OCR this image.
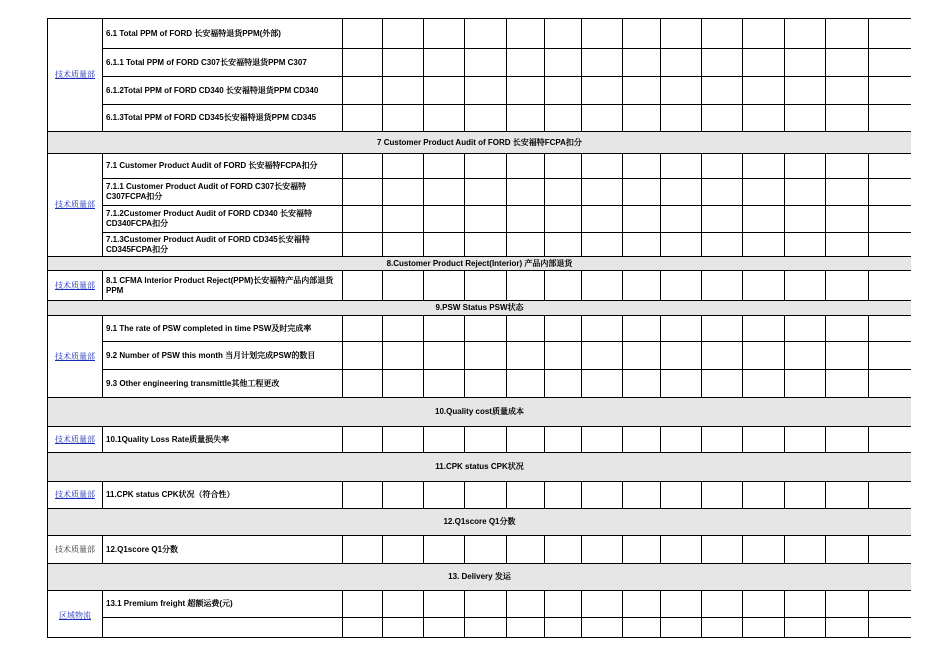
技术质量部	6.1 Total PPM of FORD 长安福特退货PPM(外部)														
	6.1.1 Total PPM of FORD C307长安福特退货PPM C307														
	6.1.2Total PPM of FORD CD340 长安福特退货PPM CD340														
	6.1.3Total PPM of FORD CD345长安福特退货PPM CD345														
7 Customer Product Audit of FORD 长安福特FCPA扣分															
技术质量部	7.1 Customer Product Audit of FORD 长安福特FCPA扣分														
	7.1.1 Customer Product Audit of FORD C307长安福特C307FCPA扣分														
	7.1.2Customer Product Audit of FORD CD340 长安福特CD340FCPA扣分														
	7.1.3Customer Product Audit of FORD CD345长安福特CD345FCPA扣分														
8.Customer Product Reject(Interior) 产品内部退货															
技术质量部	8.1 CFMA Interior Product Reject(PPM)长安福特产品内部退货PPM														
9.PSW Status PSW状态															
技术质量部	9.1 The rate of PSW completed in time PSW及时完成率														
	9.2 Number of PSW this month 当月计划完成PSW的数目														
	9.3 Other engineering transmittle其他工程更改														
10.Quality cost质量成本															
技术质量部	10.1Quality Loss Rate质量损失率														
11.CPK status CPK状况															
技术质量部	11.CPK status CPK状况（符合性）														
12.Q1score Q1分数															
技术质量部	12.Q1score Q1分数														
13. Delivery 发运															
区域物流	13.1 Premium freight 超额运费(元)														
